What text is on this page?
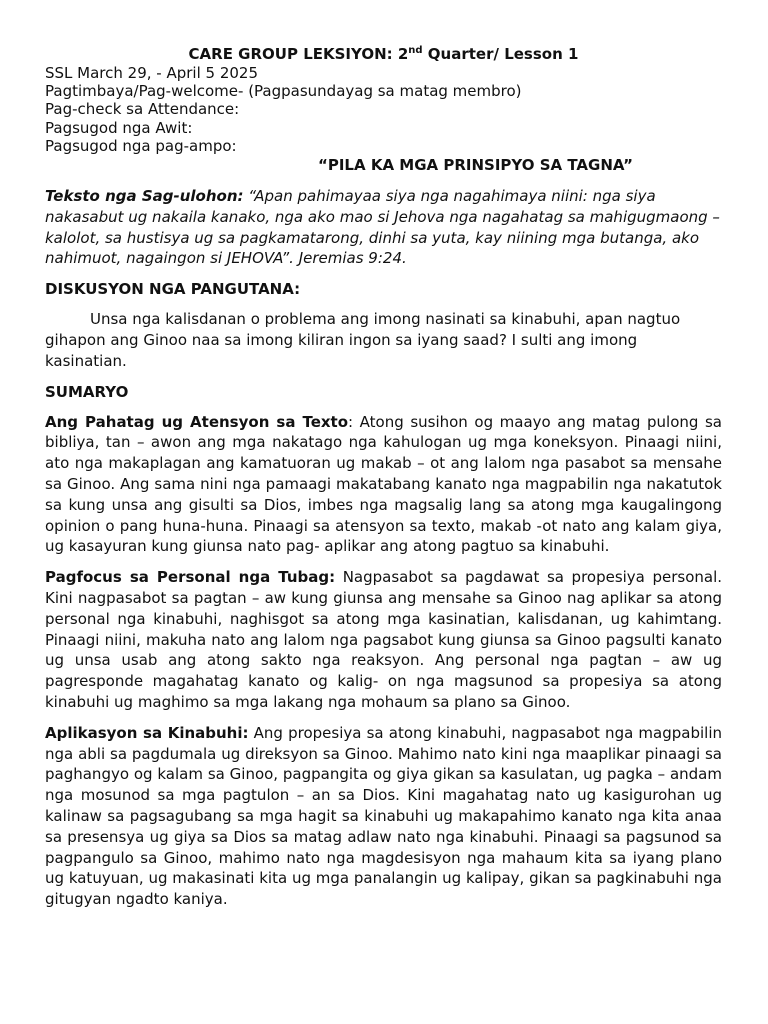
CARE GROUP LEKSIYON: 2nd Quarter/ Lesson 1

SSL March 29, - April 5 2025

Pagtimbaya/Pag-welcome- (Pagpasundayag sa matag membro)

Pag-check sa Attendance:

Pagsugod nga Awit:

Pagsugod nga pag-ampo:

“PILA KA MGA PRINSIPYO SA TAGNA”

Teksto nga Sag-ulohon: “Apan pahimayaa siya nga nagahimaya niini: nga siya nakasabut ug nakaila kanako, nga ako mao si Jehova nga nagahatag sa mahigugmaong – kalolot, sa hustisya ug sa pagkamatarong, dinhi sa yuta, kay niining mga butanga, ako nahimuot, nagaingon si JEHOVA”. Jeremias 9:24.

DISKUSYON NGA PANGUTANA:

Unsa nga kalisdanan o problema ang imong nasinati sa kinabuhi, apan nagtuo gihapon ang Ginoo naa sa imong kiliran ingon sa iyang saad? I sulti ang imong kasinatian.

SUMARYO

Ang Pahatag ug Atensyon sa Texto: Atong susihon og maayo ang matag pulong sa bibliya, tan – awon ang mga nakatago nga kahulogan ug mga koneksyon. Pinaagi niini, ato nga makaplagan ang kamatuoran ug makab – ot ang lalom nga pasabot sa mensahe sa Ginoo. Ang sama nini nga pamaagi makatabang kanato nga magpabilin nga nakatutok sa kung unsa ang gisulti sa Dios, imbes nga magsalig lang sa atong mga kaugalingong opinion o pang huna-huna. Pinaagi sa atensyon sa texto, makab -ot nato ang kalam giya, ug kasayuran kung giunsa nato pag- aplikar ang atong pagtuo sa kinabuhi.

Pagfocus sa Personal nga Tubag: Nagpasabot sa pagdawat sa propesiya personal. Kini nagpasabot sa pagtan – aw kung giunsa ang mensahe sa Ginoo nag aplikar sa atong personal nga kinabuhi, naghisgot sa atong mga kasinatian, kalisdanan, ug kahimtang. Pinaagi niini, makuha nato ang lalom nga pagsabot kung giunsa sa Ginoo pagsulti kanato ug unsa usab ang atong sakto nga reaksyon. Ang personal nga pagtan – aw ug pagresponde magahatag kanato og kalig- on nga magsunod sa propesiya sa atong kinabuhi ug maghimo sa mga lakang nga mohaum sa plano sa Ginoo.

Aplikasyon sa Kinabuhi: Ang propesiya sa atong kinabuhi, nagpasabot nga magpabilin nga abli sa pagdumala ug direksyon sa Ginoo. Mahimo nato kini nga maaplikar pinaagi sa paghangyo og kalam sa Ginoo, pagpangita og giya gikan sa kasulatan, ug pagka – andam nga mosunod sa mga pagtulon – an sa Dios. Kini magahatag nato ug kasigurohan ug kalinaw sa pagsagubang sa mga hagit sa kinabuhi ug makapahimo kanato nga kita anaa sa presensya ug giya sa Dios sa matag adlaw nato nga kinabuhi. Pinaagi sa pagsunod sa pagpangulo sa Ginoo, mahimo nato nga magdesisyon nga mahaum kita sa iyang plano ug katuyuan, ug makasinati kita ug mga panalangin ug kalipay, gikan sa pagkinabuhi nga gitugyan ngadto kaniya.
